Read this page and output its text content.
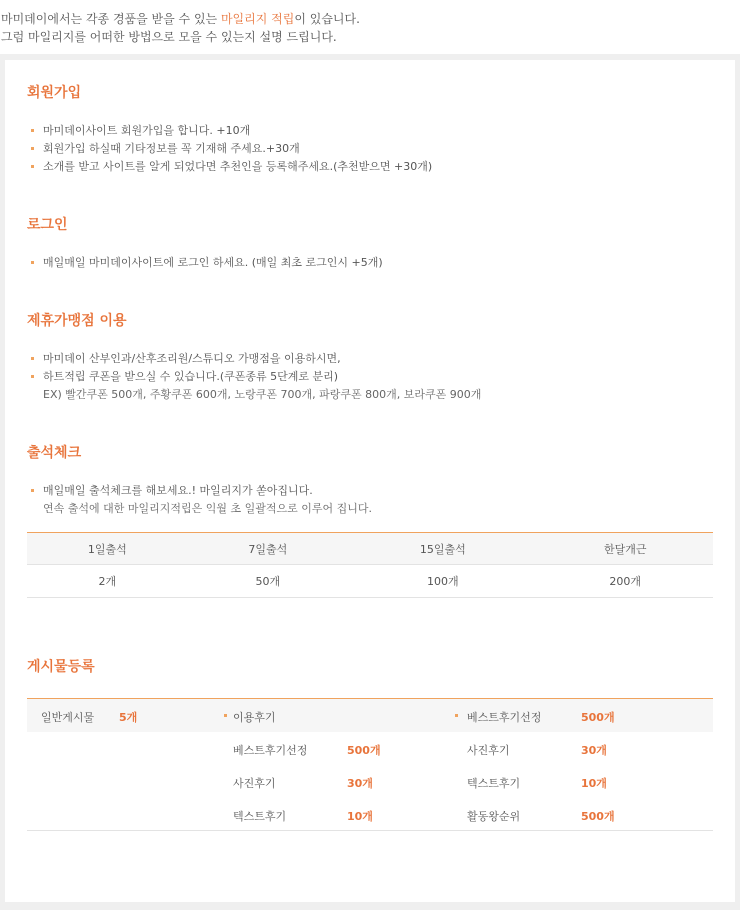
마미데이에서는 각종 경품을 받을 수 있는 마일리지 적립이 있습니다.
그럼 마일리지를 어떠한 방법으로 모을 수 있는지 설명 드립니다.
회원가입
마미데이사이트 회원가입을 합니다. +10개
회원가입 하실때 기타정보를 꼭 기재해 주세요.+30개
소개를 받고 사이트를 알게 되었다면 추천인을 등록해주세요.(추천받으면 +30개)
로그인
매일매일 마미데이사이트에 로그인 하세요. (매일 최초 로그인시 +5개)
제휴가맹점 이용
마미데이 산부인과/산후조리원/스튜디오 가맹점을 이용하시면,
하트적립 쿠폰을 받으실 수 있습니다.(쿠폰종류 5단계로 분리)
EX) 빨간쿠폰 500개, 주황쿠폰 600개, 노랑쿠폰 700개, 파랑쿠폰 800개, 보라쿠폰 900개
출석체크
매일매일 출석체크를 해보세요.! 마일리지가 쏟아집니다.
연속 출석에 대한 마일리지적립은 익월 초 일괄적으로 이루어 집니다.
1일출석	7일출석	15일출석	한달개근
2개	50개	100개	200개
게시물등록
일반게시물 5개	이용후기	베스트후기선정	500개
베스트후기선정	500개	사진후기	30개
사진후기	30개	텍스트후기	10개
텍스트후기	10개	활동왕순위	500개
